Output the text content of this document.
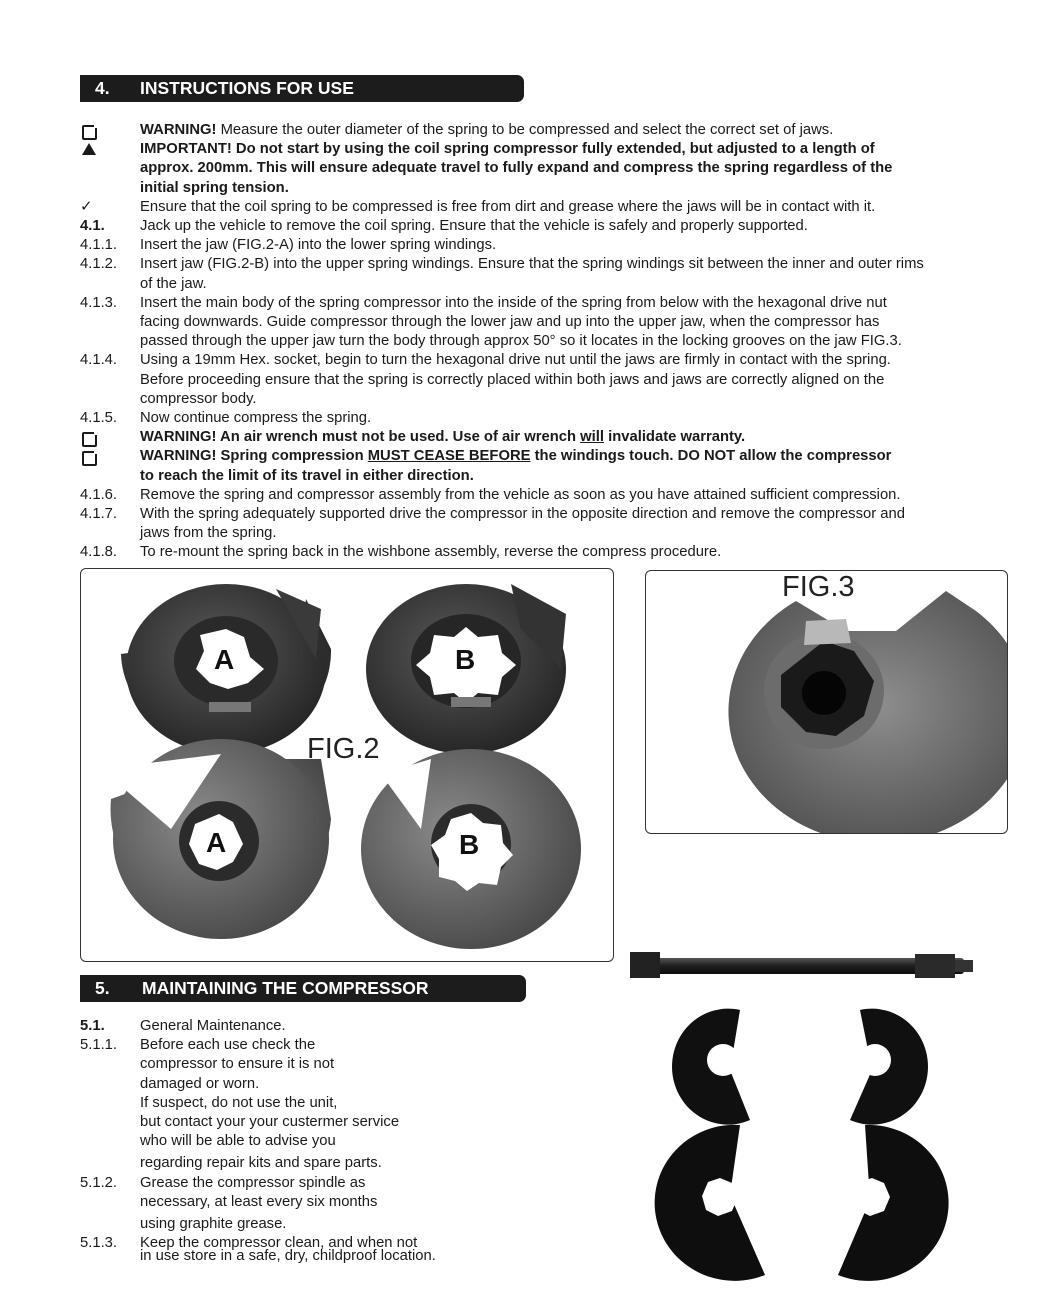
4. INSTRUCTIONS FOR USE
WARNING! Measure the outer diameter of the spring to be compressed and select the correct set of jaws.
IMPORTANT! Do not start by using the coil spring compressor fully extended, but adjusted to a length of
approx. 200mm. This will ensure adequate travel to fully expand and compress the spring regardless of the
initial spring tension.
✓	Ensure that the coil spring to be compressed is free from dirt and grease where the jaws will be in contact with it.
4.1.	Jack up the vehicle to remove the coil spring. Ensure that the vehicle is safely and properly supported.
4.1.1.	Insert the jaw (FIG.2-A) into the lower spring windings.
4.1.2.	Insert jaw (FIG.2-B) into the upper spring windings. Ensure that the spring windings sit between the inner and outer rims
of the jaw.
4.1.3.	Insert the main body of the spring compressor into the inside of the spring from below with the hexagonal drive nut
facing downwards. Guide compressor through the lower jaw and up into the upper jaw, when the compressor has
passed through the upper jaw turn the body through approx 50° so it locates in the locking grooves on the jaw FIG.3.
4.1.4.	Using a 19mm Hex. socket, begin to turn the hexagonal drive nut until the jaws are firmly in contact with the spring.
Before proceeding ensure that the spring is correctly placed within both jaws and jaws are correctly aligned on the
compressor body.
4.1.5.	Now continue compress the spring.
WARNING! An air wrench must not be used. Use of air wrench will invalidate warranty.
WARNING! Spring compression MUST CEASE BEFORE the windings touch. DO NOT allow the compressor
to reach the limit of its travel in either direction.
4.1.6.	Remove the spring and compressor assembly from the vehicle as soon as you have attained sufficient compression.
4.1.7.	With the spring adequately supported drive the compressor in the opposite direction and remove the compressor and
jaws from the spring.
4.1.8.	To re-mount the spring back in the wishbone assembly, reverse the compress procedure.
A	B
A	B
FIG.2
FIG.3
5. MAINTAINING THE COMPRESSOR
5.1.	General Maintenance.
5.1.1.	Before each use check the
compressor to ensure it is not
damaged or worn.
If suspect, do not use the unit,
but contact your your custermer service
who will be able to advise you
regarding repair kits and spare parts.
5.1.2.	Grease the compressor spindle as
necessary, at least every six months
using graphite grease.
5.1.3.	Keep the compressor clean, and when not
in use store in a safe, dry, childproof location.
